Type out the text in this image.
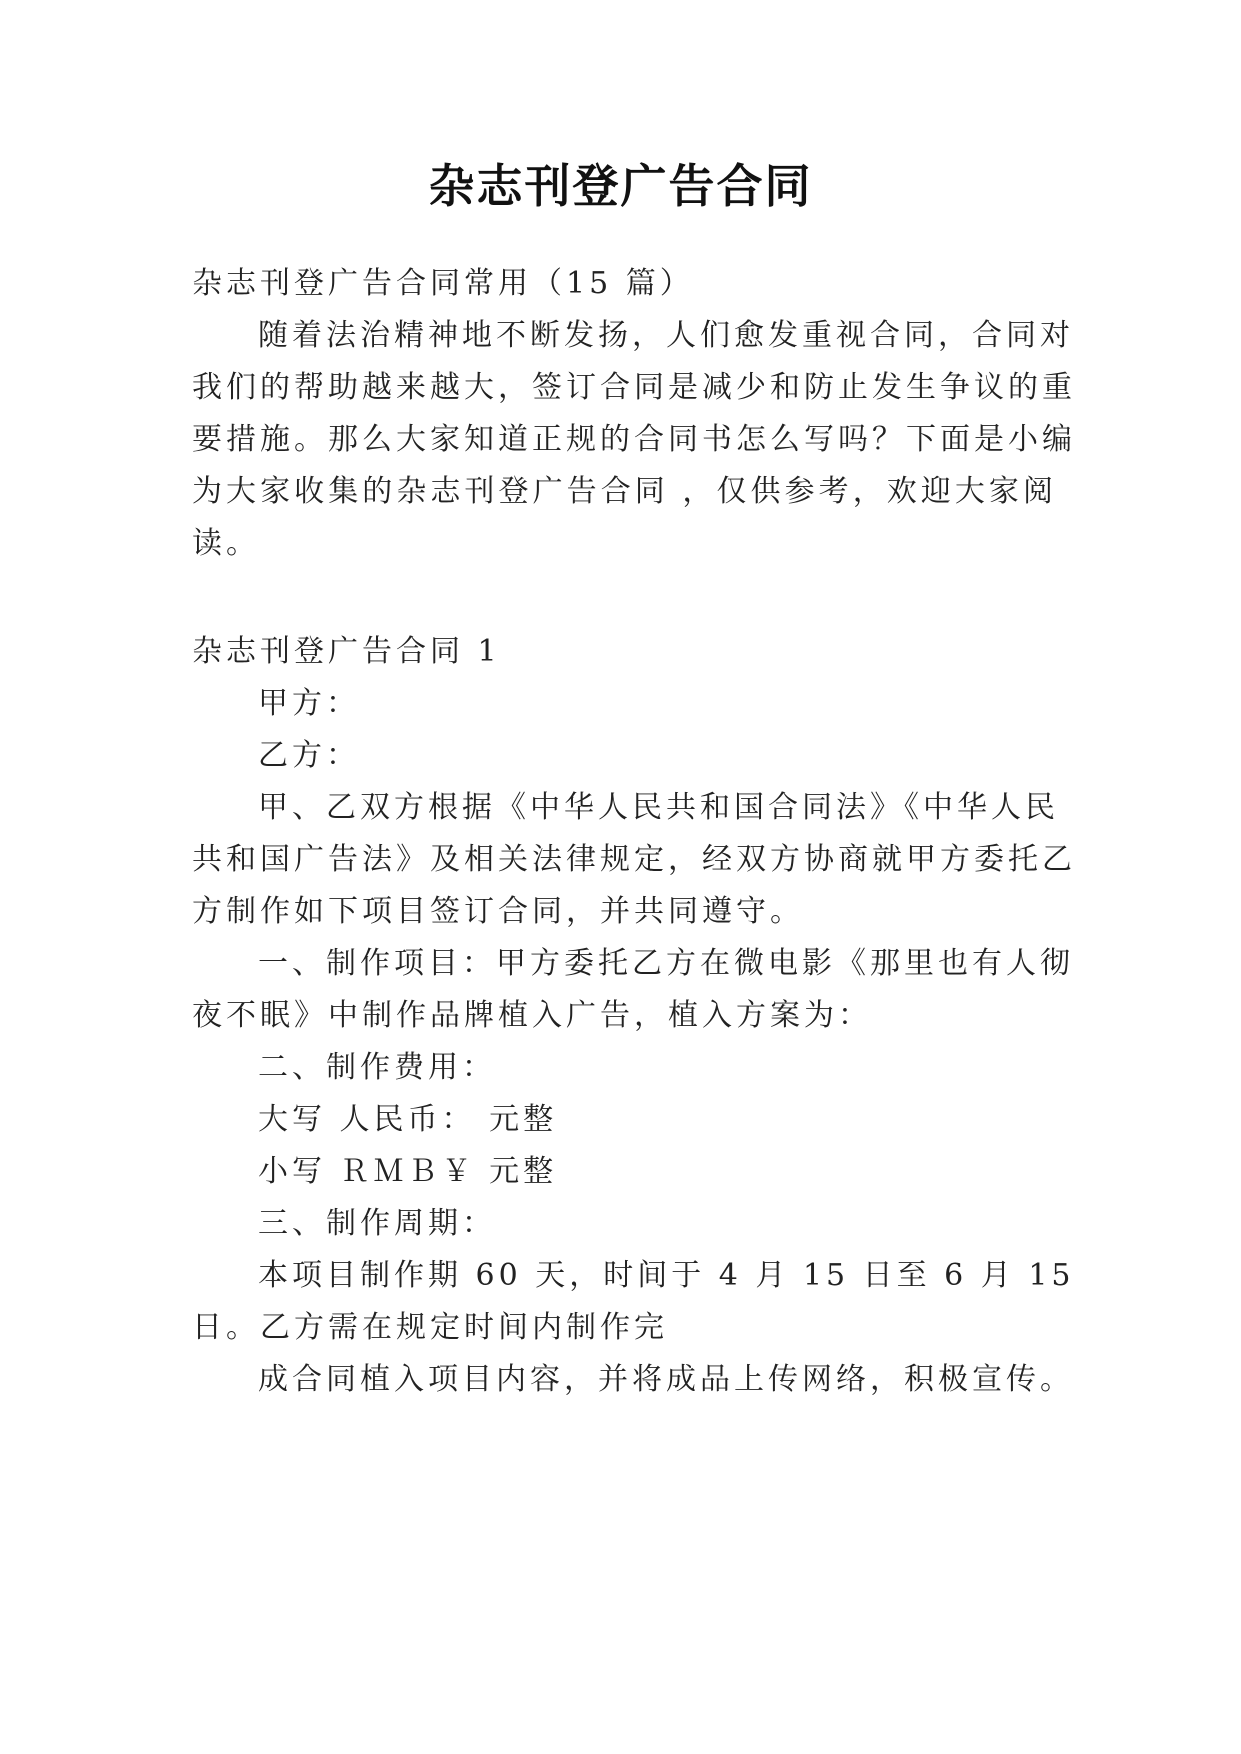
杂志刊登广告合同
杂志刊登广告合同常用（15 篇）
随着法治精神地不断发扬，人们愈发重视合同，合同对
我们的帮助越来越大，签订合同是减少和防止发生争议的重
要措施。那么大家知道正规的合同书怎么写吗？下面是小编
为大家收集的杂志刊登广告合同 ，仅供参考，欢迎大家阅
读。
杂志刊登广告合同 1
甲方：
乙方：
甲、乙双方根据《中华人民共和国合同法》《中华人民
共和国广告法》及相关法律规定，经双方协商就甲方委托乙
方制作如下项目签订合同，并共同遵守。
一、制作项目：甲方委托乙方在微电影《那里也有人彻
夜不眠》中制作品牌植入广告，植入方案为：
二、制作费用：
大写 人民币： 元整
小写 ＲＭＢ￥ 元整
三、制作周期：
本项目制作期 60 天，时间于 4 月 15 日至 6 月 15
日。乙方需在规定时间内制作完
成合同植入项目内容，并将成品上传网络，积极宣传。
